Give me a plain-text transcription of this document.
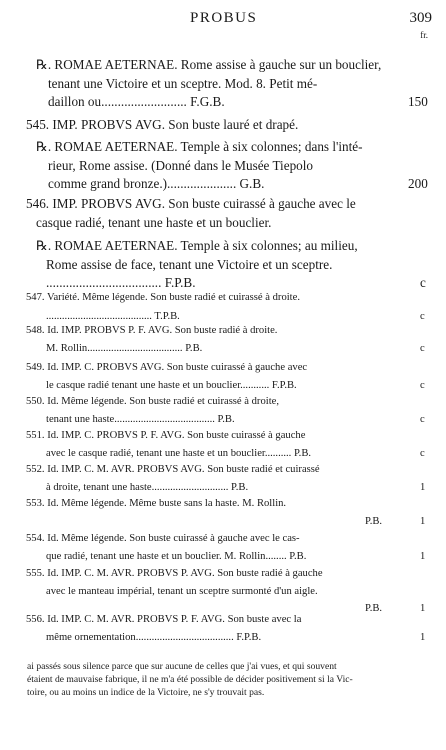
PROBUS	309
fr.
℞. ROMAE AETERNAE. Rome assise à gauche sur un bouclier,
tenant une Victoire et un sceptre. Mod. 8. Petit mé-
daillon ou.......................... F.G.B.	150
545. IMP. PROBVS AVG. Son buste lauré et drapé.
℞. ROMAE AETERNAE. Temple à six colonnes; dans l'inté-
rieur, Rome assise. (Donné dans le Musée Tiepolo
comme grand bronze.)..................... G.B.	200
546. IMP. PROBVS AVG. Son buste cuirassé à gauche avec le
casque radié, tenant une haste et un bouclier.
℞. ROMAE AETERNAE. Temple à six colonnes; au milieu,
Rome assise de face, tenant une Victoire et un sceptre.
................................... F.P.B.	c
547. Variété. Même légende. Son buste radié et cuirassé à droite.
........................................ T.P.B.	c
548. Id. IMP. PROBVS P. F. AVG. Son buste radié à droite.
M. Rollin.................................... P.B.	c
549. Id. IMP. C. PROBVS AVG. Son buste cuirassé à gauche avec
le casque radié tenant une haste et un bouclier........... F.P.B.	c
550. Id. Même légende. Son buste radié et cuirassé à droite,
tenant une haste...................................... P.B.	c
551. Id. IMP. C. PROBVS P. F. AVG. Son buste cuirassé à gauche
avec le casque radié, tenant une haste et un bouclier.......... P.B.	c
552. Id. IMP. C. M. AVR. PROBVS AVG. Son buste radié et cuirassé
à droite, tenant une haste............................. P.B.	1
553. Id. Même légende. Même buste sans la haste. M. Rollin.
P.B.	1
554. Id. Même légende. Son buste cuirassé à gauche avec le cas-
que radié, tenant une haste et un bouclier. M. Rollin........ P.B.	1
555. Id. IMP. C. M. AVR. PROBVS P. AVG. Son buste radié à gauche
avec le manteau impérial, tenant un sceptre surmonté d'un aigle.
P.B.	1
556. Id. IMP. C. M. AVR. PROBVS P. F. AVG. Son buste avec la
même ornementation..................................... F.P.B.	1
ai passés sous silence parce que sur aucune de celles que j'ai vues, et qui souvent
étaient de mauvaise fabrique, il ne m'a été possible de décider positivement si la Vic-
toire, ou au moins un indice de la Victoire, ne s'y trouvait pas.
